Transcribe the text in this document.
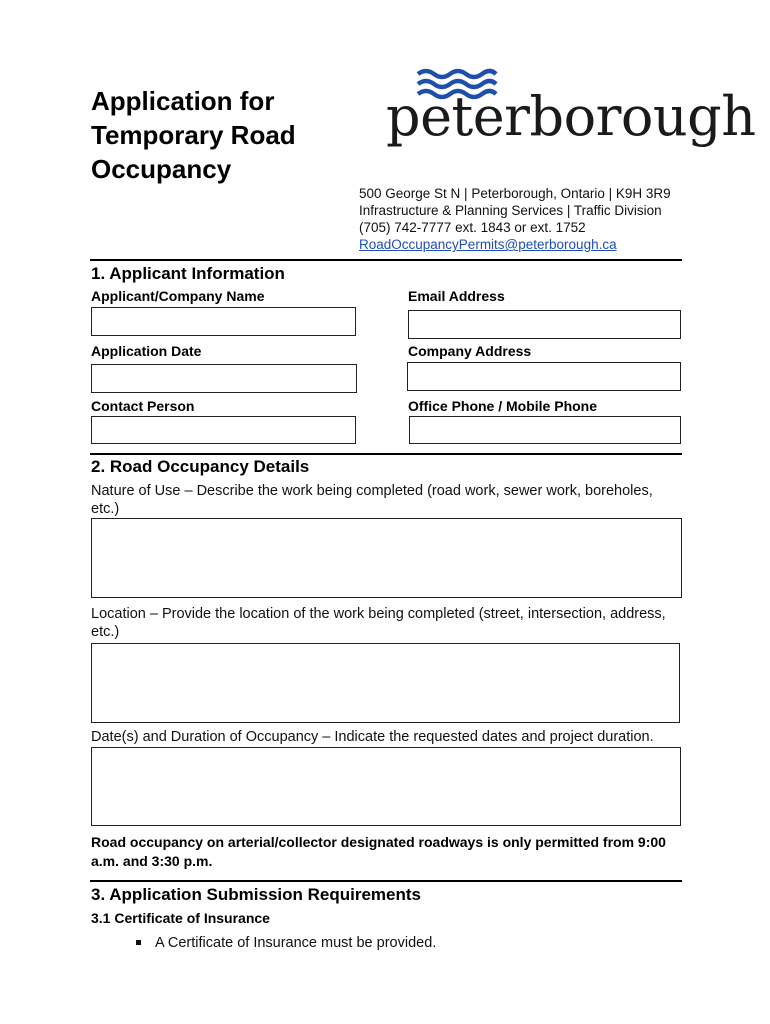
Application for Temporary Road Occupancy
peterborough
500 George St N | Peterborough, Ontario | K9H 3R9
Infrastructure & Planning Services | Traffic Division
(705) 742-7777 ext. 1843 or ext. 1752
RoadOccupancyPermits@peterborough.ca
1. Applicant Information
Applicant/Company Name	Email Address
Application Date	Company Address
Contact Person	Office Phone / Mobile Phone
2. Road Occupancy Details
Nature of Use – Describe the work being completed (road work, sewer work, boreholes, etc.)
Location – Provide the location of the work being completed (street, intersection, address, etc.)
Date(s) and Duration of Occupancy – Indicate the requested dates and project duration.
Road occupancy on arterial/collector designated roadways is only permitted from 9:00 a.m. and 3:30 p.m.
3. Application Submission Requirements
3.1 Certificate of Insurance
A Certificate of Insurance must be provided.
